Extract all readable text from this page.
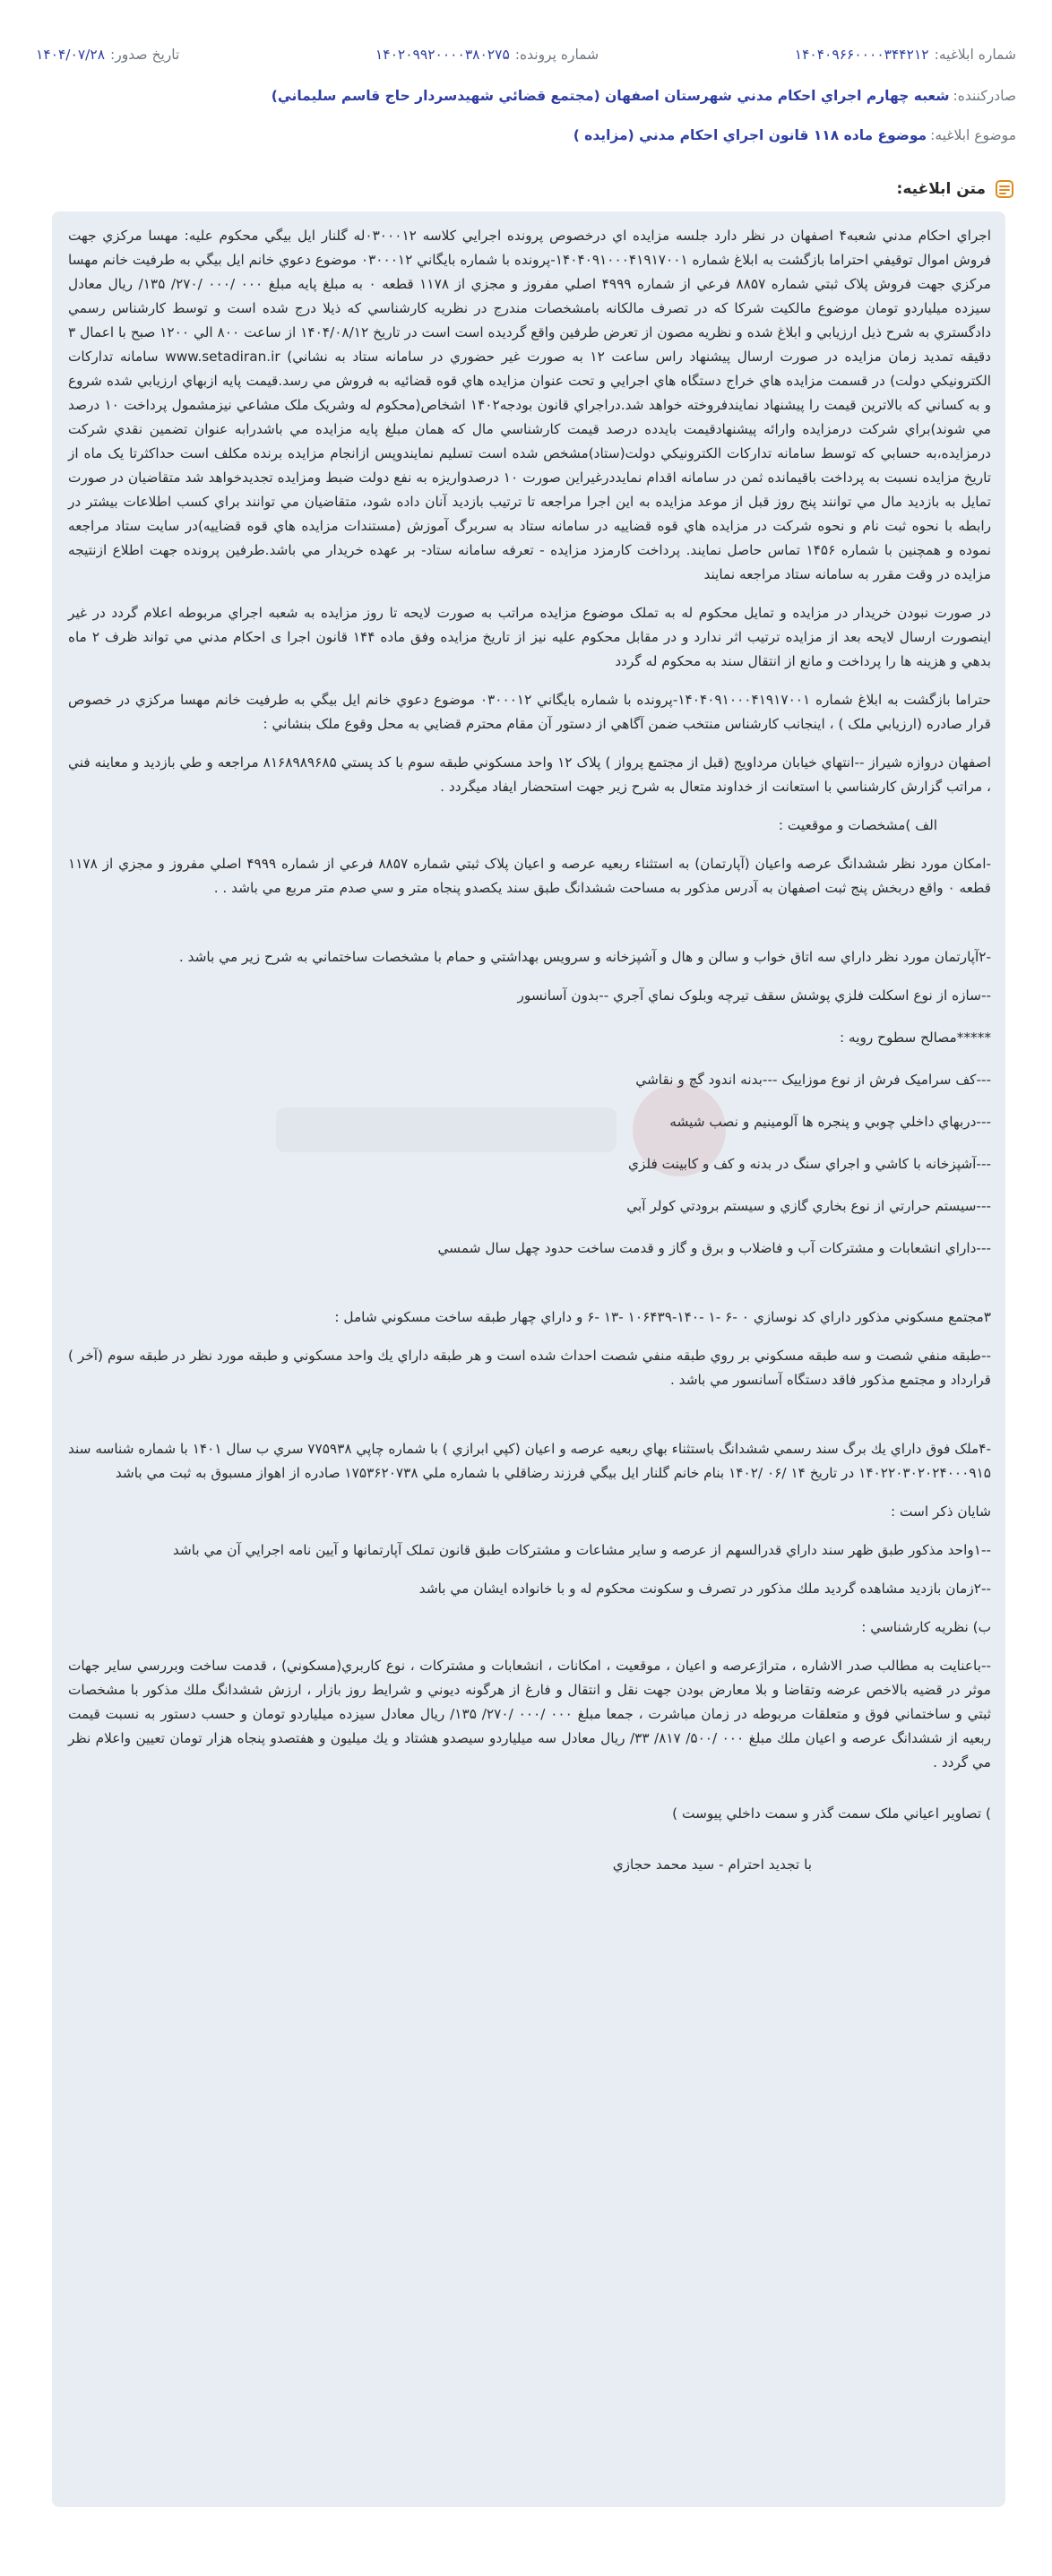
شماره ابلاغيه:
۱۴۰۴۰۹۶۶۰۰۰۰۳۴۴۲۱۲
شماره پرونده:
۱۴۰۲۰۹۹۲۰۰۰۰۳۸۰۲۷۵
تاريخ صدور:
۱۴۰۴/۰۷/۲۸
صادرکننده:
شعبه چهارم اجراي احکام مدني شهرستان اصفهان (مجتمع قضائي شهيدسردار حاج قاسم سليماني)
موضوع ابلاغيه:
موضوع ماده ۱۱۸ قانون اجراي احکام مدني (مزايده )
متن ابلاغيه:

اجراي احکام مدني شعبه۴ اصفهان در نظر دارد جلسه مزايده اي درخصوص پرونده اجرايي کلاسه ۰۳۰۰۰۱۲له گلنار ايل بيگي محکوم عليه: مهسا مرکزي جهت فروش اموال توقيفي احتراما بازگشت به ابلاغ شماره ۱۴۰۴۰۹۱۰۰۰۴۱۹۱۷۰۰۱-پرونده با شماره بايگاني ۰۳۰۰۰۱۲ موضوع دعوي خانم ايل بيگي به طرفيت خانم مهسا مرکزي جهت فروش پلاک ثبتي شماره ۸۸۵۷ فرعي از شماره ۴۹۹۹ اصلي مفروز و مجزي از ۱۱۷۸ قطعه ۰ به مبلغ پايه مبلغ ۰۰۰ /۰۰۰ /۲۷۰/ ۱۳۵/ ريال معادل سيزده ميلياردو تومان موضوع مالکيت شرکا که در تصرف مالکانه بامشخصات مندرج در نظريه کارشناسي که ذيلا درج شده است و توسط کارشناس رسمي دادگستري به شرح ذيل ارزيابي و ابلاغ شده و نظريه مصون از تعرض طرفين واقع گرديده است است در تاريخ ۱۴۰۴/۰۸/۱۲ از ساعت ۸۰۰ الي ۱۲۰۰ صبح با اعمال ۳ دقيقه تمديد زمان مزايده در صورت ارسال پيشنهاد راس ساعت ۱۲ به صورت غير حضوري در سامانه ستاد به نشاني) www.setadiran.ir سامانه تدارکات الکترونيکي دولت) در قسمت مزايده هاي خراج دستگاه هاي اجرايي و تحت عنوان مزايده هاي قوه قضائيه به فروش مي رسد.قيمت پايه ازبهاي ارزيابي شده شروع و به کساني که بالاترين قيمت را پيشنهاد نمايندفروخته خواهد شد.دراجراي قانون بودجه۱۴۰۲ اشخاص(محکوم له وشريک ملک مشاعي نيزمشمول پرداخت ۱۰ درصد مي شوند)براي شرکت درمزايده وارائه پيشنهادقيمت بايدده درصد قيمت کارشناسي مال که همان مبلغ پايه مزايده مي باشدرابه عنوان تضمين نقدي شرکت درمزايده،به حسابي که توسط سامانه تدارکات الکترونيکي دولت(ستاد)مشخص شده است تسليم نمايندوپس ازانجام مزايده برنده مکلف است حداکثرتا يک ماه از تاريخ مزايده نسبت به پرداخت باقيمانده ثمن در سامانه اقدام نمايددرغيراين صورت ۱۰ درصدواريزه به نفع دولت ضبط ومزايده تجديدخواهد شد متقاضيان در صورت تمايل به بازديد مال مي توانند پنج روز قبل از موعد مزايده به اين اجرا مراجعه تا ترتيب بازديد آنان داده شود، متقاضيان مي توانند براي کسب اطلاعات بيشتر در رابطه با نحوه ثبت نام و نحوه شرکت در مزايده هاي قوه قضاييه در سامانه ستاد به سربرگ آموزش (مستندات مزايده هاي قوه قضاييه)در سايت ستاد مراجعه نموده و همچنين با شماره ۱۴۵۶ تماس حاصل نمايند. پرداخت کارمزد مزايده - تعرفه سامانه ستاد- بر عهده خريدار مي باشد.طرفين پرونده جهت اطلاع ازنتيجه مزايده در وقت مقرر به سامانه ستاد مراجعه نمايند

در صورت نبودن خريدار در مزايده و تمايل محکوم له به تملک موضوع مزايده مراتب به صورت لايحه تا روز مزايده به شعبه اجراي مربوطه اعلام گردد در غير اينصورت ارسال لايحه بعد از مزايده ترتيب اثر ندارد و در مقابل محکوم عليه نيز از تاريخ مزايده وفق ماده ۱۴۴ قانون اجرا ی احکام مدني مي تواند ظرف ۲ ماه بدهي و هزينه ها را پرداخت و مانع از انتقال سند به محکوم له گردد

حتراما بازگشت به ابلاغ شماره ۱۴۰۴۰۹۱۰۰۰۴۱۹۱۷۰۰۱-پرونده با شماره بايگاني ۰۳۰۰۰۱۲ موضوع دعوي خانم ايل بيگي به طرفيت خانم مهسا مرکزي در خصوص قرار صادره (ارزيابي ملک ) ، اينجانب کارشناس منتخب ضمن آگاهي از دستور آن مقام محترم قضايي به محل وقوع ملک بنشاني :

اصفهان دروازه شيراز --انتهاي خيابان مرداويج (قبل از مجتمع پرواز ) پلاک ۱۲ واحد مسکوني طبقه سوم با کد پستي ۸۱۶۸۹۸۹۶۸۵ مراجعه و طي بازديد و معاينه فني ، مراتب گزارش کارشناسي با استعانت از خداوند متعال به شرح زير جهت استحضار ايفاد ميگردد .

الف )مشخصات و موقعيت :

-امکان مورد نظر ششدانگ عرصه واعيان (آپارتمان) به استثناء ربعيه عرصه و اعيان پلاک ثبتي شماره ۸۸۵۷ فرعي از شماره ۴۹۹۹ اصلي مفروز و مجزي از ۱۱۷۸ قطعه ۰ واقع دربخش پنج ثبت اصفهان به آدرس مذکور به مساحت ششدانگ طبق سند يکصدو پنجاه متر و سي صدم متر مربع مي باشد . .

-۲آپارتمان مورد نظر داراي سه اتاق خواب و سالن و هال و آشپزخانه و سرويس بهداشتي و حمام با مشخصات ساختماني به شرح زير مي باشد .

--سازه از نوع اسکلت فلزي پوشش سقف تيرچه وبلوک نماي آجري --بدون آسانسور

*****مصالح سطوح رويه :

---کف سراميک فرش از نوع موزاييک ---بدنه اندود گچ و نقاشي

---دربهاي داخلي چوبي و پنجره ها آلومينيم و نصب شيشه

---آشپزخانه با کاشي و اجراي سنگ در بدنه و کف و کابينت فلزي

---سيستم حرارتي از نوع بخاري گازي و سيستم برودتي کولر آبي

---داراي انشعابات و مشترکات آب و فاضلاب و برق و گاز و قدمت ساخت حدود چهل سال شمسي

۳مجتمع مسکوني مذکور داراي کد نوسازي ۰ -۶ -۱ -۱۴۰-۱۰۶۴۳۹ -۱۳ -۶ و داراي چهار طبقه ساخت مسکوني شامل :

--طبقه منفي شصت و سه طبقه مسکوني بر روي طبقه منفي شصت احداث شده است و هر طبقه داراي يك واحد مسکوني و طبقه مورد نظر در طبقه سوم (آخر ) قرارداد و مجتمع مذکور فاقد دستگاه آسانسور مي باشد .

-۴ملک فوق داراي يك برگ سند رسمي ششدانگ باستثناء بهاي ربعيه عرصه و اعيان (کپي ابرازي ) با شماره چاپي ۷۷۵۹۳۸ سري ب سال ۱۴۰۱ با شماره شناسه سند ۱۴۰۲۲۰۳۰۲۰۲۴۰۰۰۹۱۵ در تاريخ ۱۴ /۰۶ /۱۴۰۲ بنام خانم گلنار ايل بيگي فرزند رضاقلي با شماره ملي ۱۷۵۳۶۲۰۷۳۸ صادره از اهواز مسبوق به ثبت مي باشد

شايان ذکر است :

--۱واحد مذکور طبق ظهر سند داراي قدرالسهم از عرصه و ساير مشاعات و مشترکات طبق قانون تملک آپارتمانها و آيين نامه اجرايي آن مي باشد

--۲زمان بازديد مشاهده گرديد ملك مذکور در تصرف و سکونت محکوم له و با خانواده ايشان مي باشد

ب) نظريه کارشناسي :

--باعنايت به مطالب صدر الاشاره ، متراژعرصه و اعيان ، موقعيت ، امکانات ، انشعابات و مشترکات ، نوع کاربري(مسکوني) ، قدمت ساخت وبررسي ساير جهات موثر در قضيه بالاخص عرضه وتقاضا و بلا معارض بودن جهت نقل و انتقال و فارغ از هرگونه ديوني و شرايط روز بازار ، ارزش ششدانگ ملك مذکور با مشخصات ثبتي و ساختماني فوق و متعلقات مربوطه در زمان مباشرت ، جمعا مبلغ ۰۰۰ /۰۰۰ /۲۷۰/ ۱۳۵/ ريال معادل سيزده ميلياردو تومان و حسب دستور به نسبت قيمت ربعيه از ششدانگ عرصه و اعيان ملك مبلغ ۰۰۰ /۵۰۰/ ۸۱۷/ ۳۳/ ريال معادل سه ميلياردو سيصدو هشتاد و يك ميليون و هفتصدو پنجاه هزار تومان تعيين واعلام نظر مي گردد .

) تصاوير اعياني ملک سمت گذر و سمت داخلي پيوست )

با تجديد احترام - سيد محمد حجازي
